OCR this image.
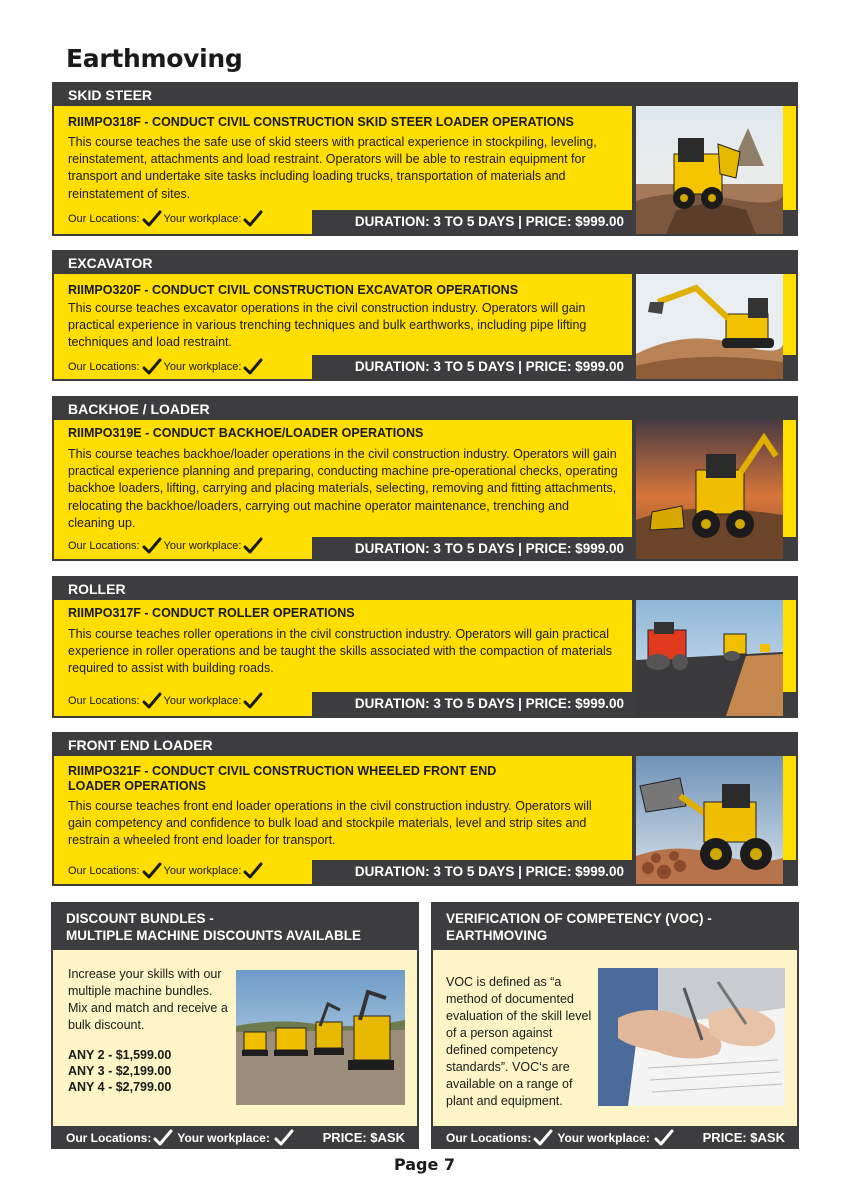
Earthmoving
SKID STEER
RIIMPO318F - CONDUCT CIVIL CONSTRUCTION SKID STEER LOADER OPERATIONS
This course teaches the safe use of skid steers with practical experience in stockpiling, leveling, reinstatement, attachments and load restraint. Operators will be able to restrain equipment for transport and undertake site tasks including loading trucks, transportation of materials and reinstatement of sites.
Our Locations: Your workplace:	DURATION: 3 TO 5 DAYS | PRICE: $999.00
EXCAVATOR
RIIMPO320F - CONDUCT CIVIL CONSTRUCTION EXCAVATOR OPERATIONS
This course teaches excavator operations in the civil construction industry. Operators will gain practical experience in various trenching techniques and bulk earthworks, including pipe lifting techniques and load restraint.
Our Locations: Your workplace:	DURATION: 3 TO 5 DAYS | PRICE: $999.00
BACKHOE / LOADER
RIIMPO319E - CONDUCT BACKHOE/LOADER OPERATIONS
This course teaches backhoe/loader operations in the civil construction industry. Operators will gain practical experience planning and preparing, conducting machine pre-operational checks, operating backhoe loaders, lifting, carrying and placing materials, selecting, removing and fitting attachments, relocating the backhoe/loaders, carrying out machine operator maintenance, trenching and cleaning up.
Our Locations: Your workplace:	DURATION: 3 TO 5 DAYS | PRICE: $999.00
ROLLER
RIIMPO317F - CONDUCT ROLLER OPERATIONS
This course teaches roller operations in the civil construction industry. Operators will gain practical experience in roller operations and be taught the skills associated with the compaction of materials required to assist with building roads.
Our Locations: Your workplace:	DURATION: 3 TO 5 DAYS | PRICE: $999.00
FRONT END LOADER
RIIMPO321F - CONDUCT CIVIL CONSTRUCTION WHEELED FRONT END LOADER OPERATIONS
This course teaches front end loader operations in the civil construction industry. Operators will gain competency and confidence to bulk load and stockpile materials, level and strip sites and restrain a wheeled front end loader for transport.
Our Locations: Your workplace:	DURATION: 3 TO 5 DAYS | PRICE: $999.00
DISCOUNT BUNDLES -
MULTIPLE MACHINE DISCOUNTS AVAILABLE
Increase your skills with our multiple machine bundles. Mix and match and receive a bulk discount.
ANY 2 - $1,599.00
ANY 3 - $2,199.00
ANY 4 - $2,799.00
Our Locations: Your workplace:	PRICE: $ASK
VERIFICATION OF COMPETENCY (VOC) -
EARTHMOVING
VOC is defined as “a method of documented evaluation of the skill level of a person against defined competency standards”. VOC‘s are available on a range of plant and equipment.
Our Locations: Your workplace:	PRICE: $ASK
Page 7
